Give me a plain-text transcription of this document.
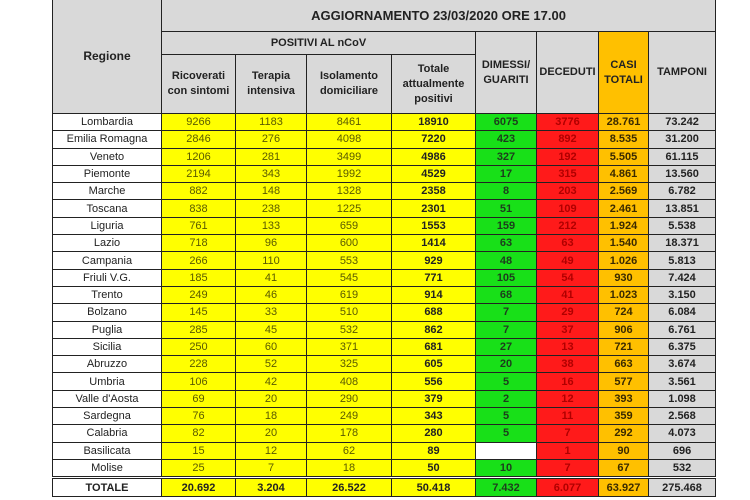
Regione	AGGIORNAMENTO 23/03/2020 ORE 17.00							
	POSITIVI AL nCoV				DIMESSI/ GUARITI	DECEDUTI	CASI TOTALI	TAMPONI
	Ricoverati con sintomi	Terapia intensiva	Isolamento domiciliare	Totale attualmente positivi				
Lombardia	9266	1183	8461	18910	6075	3776	28.761	73.242
Emilia Romagna	2846	276	4098	7220	423	892	8.535	31.200
Veneto	1206	281	3499	4986	327	192	5.505	61.115
Piemonte	2194	343	1992	4529	17	315	4.861	13.560
Marche	882	148	1328	2358	8	203	2.569	6.782
Toscana	838	238	1225	2301	51	109	2.461	13.851
Liguria	761	133	659	1553	159	212	1.924	5.538
Lazio	718	96	600	1414	63	63	1.540	18.371
Campania	266	110	553	929	48	49	1.026	5.813
Friuli V.G.	185	41	545	771	105	54	930	7.424
Trento	249	46	619	914	68	41	1.023	3.150
Bolzano	145	33	510	688	7	29	724	6.084
Puglia	285	45	532	862	7	37	906	6.761
Sicilia	250	60	371	681	27	13	721	6.375
Abruzzo	228	52	325	605	20	38	663	3.674
Umbria	106	42	408	556	5	16	577	3.561
Valle d'Aosta	69	20	290	379	2	12	393	1.098
Sardegna	76	18	249	343	5	11	359	2.568
Calabria	82	20	178	280	5	7	292	4.073
Basilicata	15	12	62	89		1	90	696
Molise	25	7	18	50	10	7	67	532
TOTALE	20.692	3.204	26.522	50.418	7.432	6.077	63.927	275.468
